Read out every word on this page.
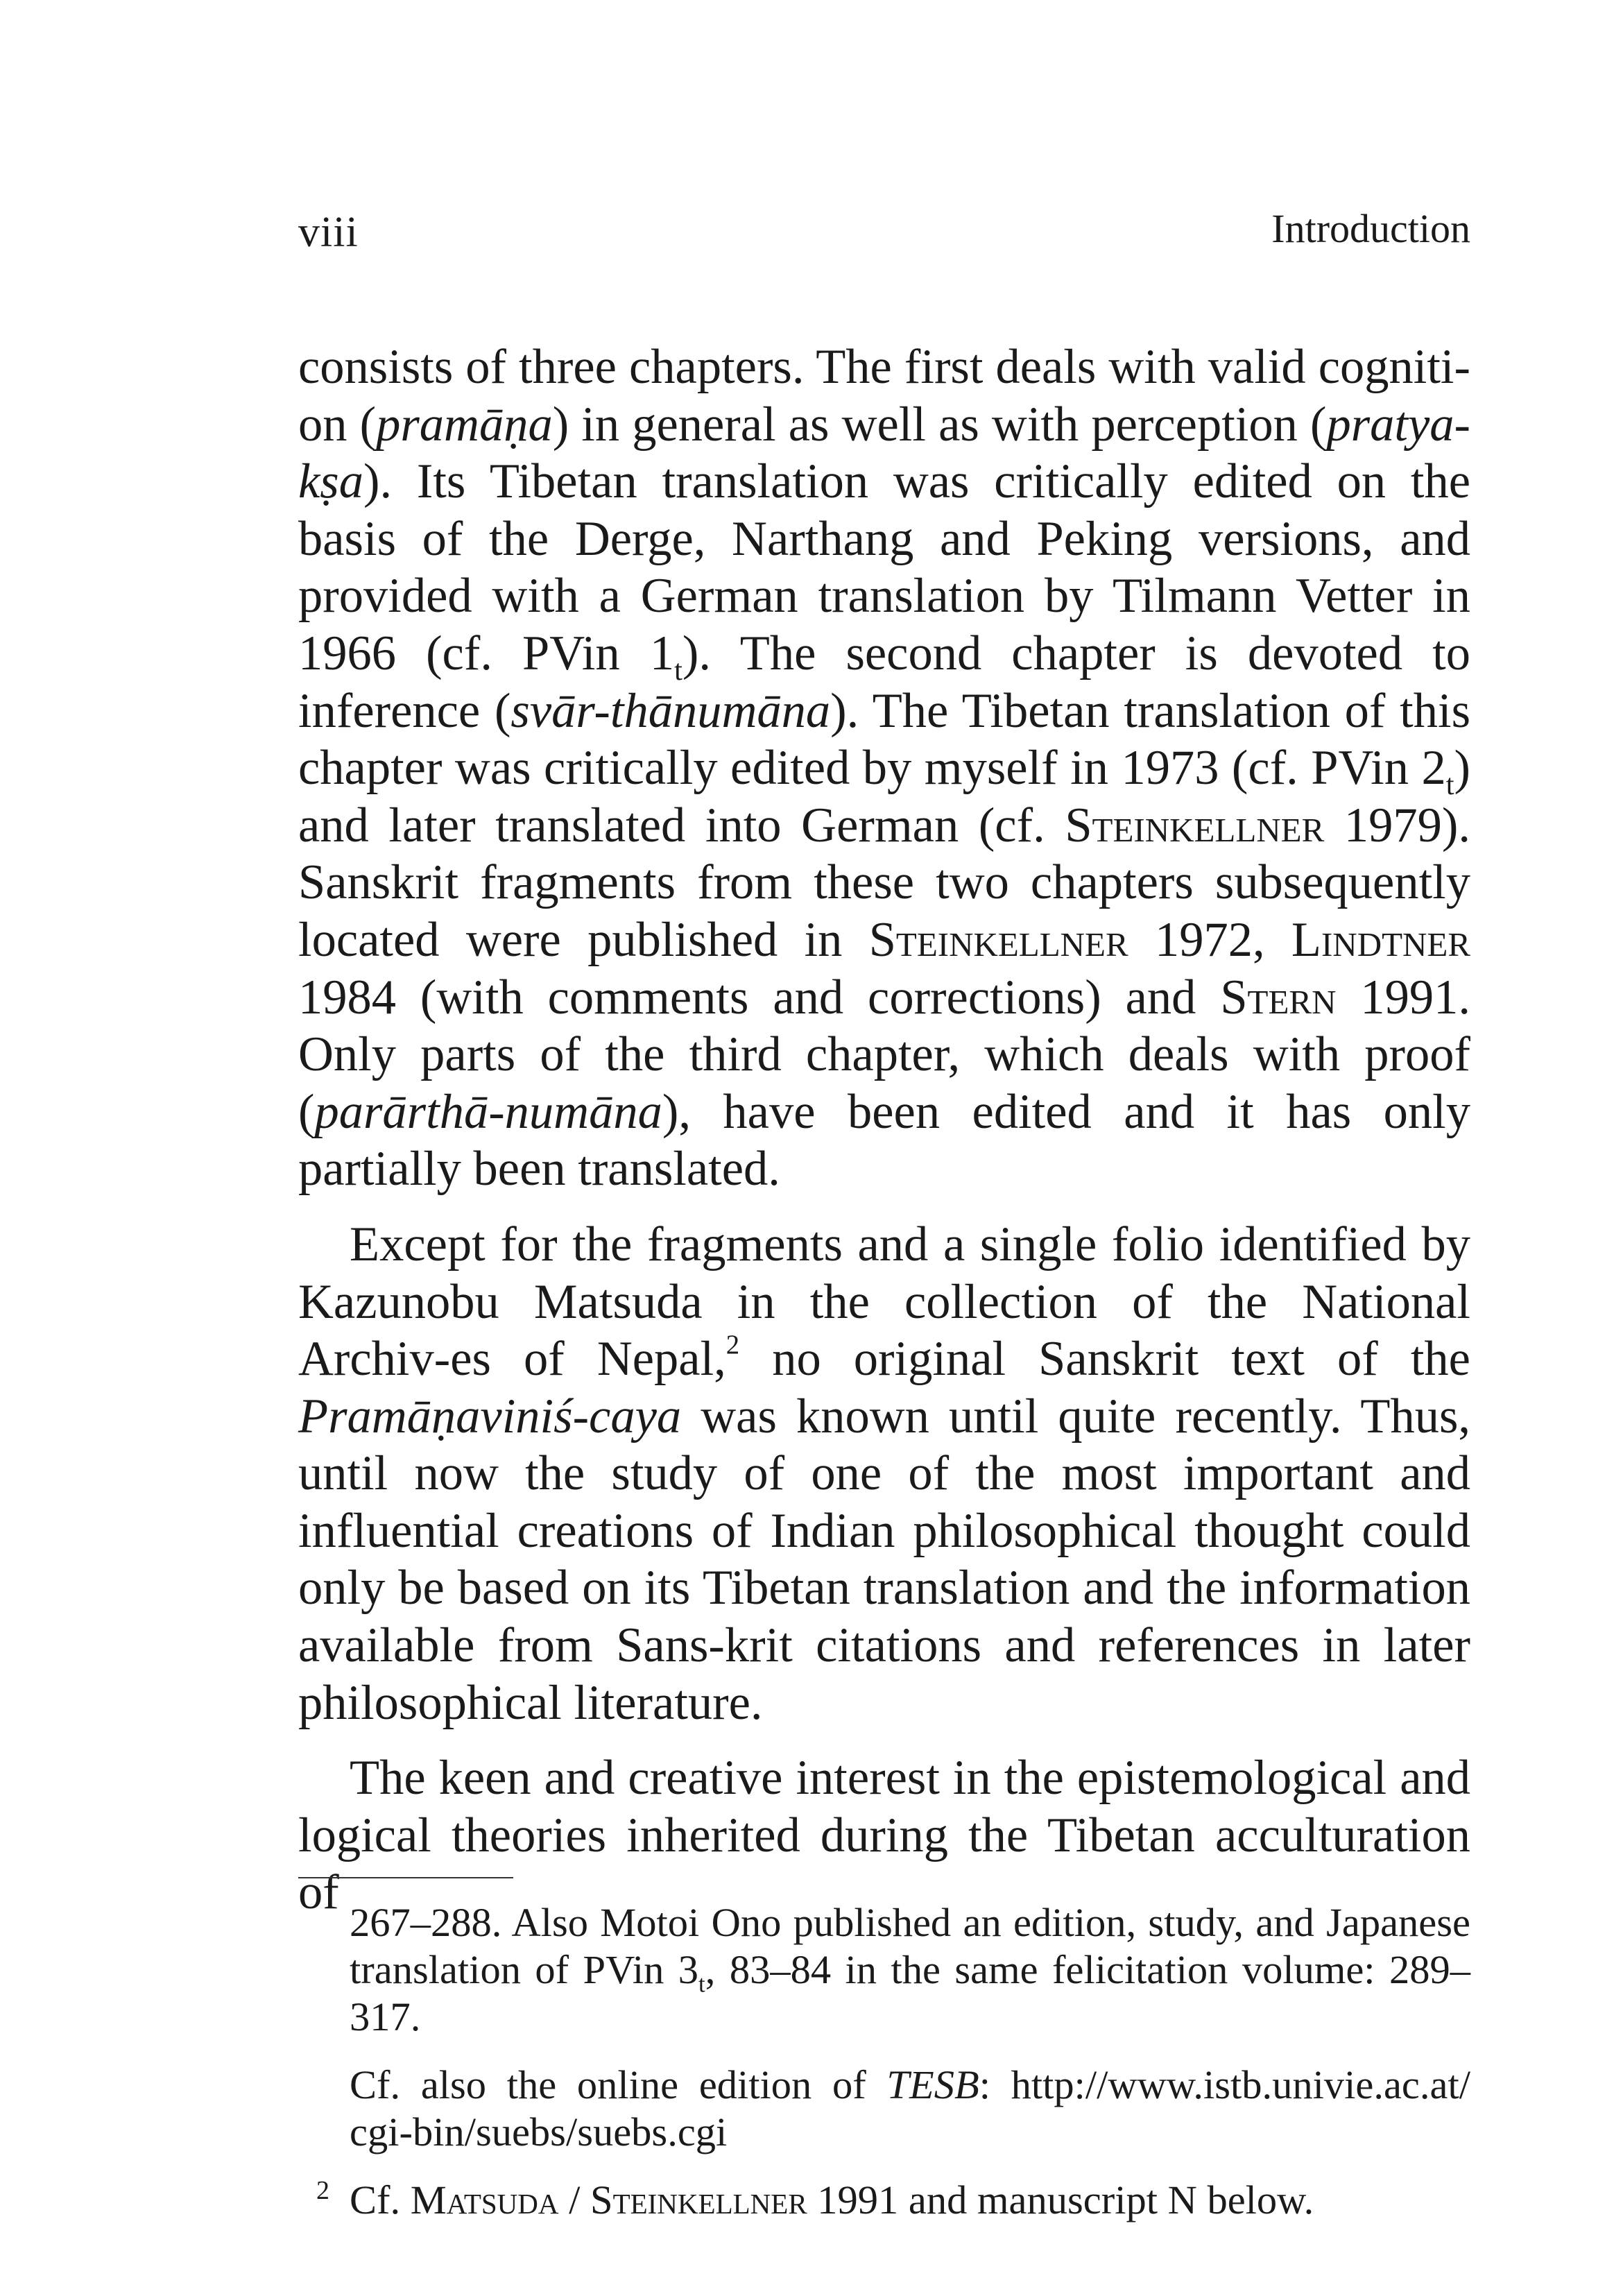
viii	Introduction

consists of three chapters. The first deals with valid cogniti-on (pramāṇa) in general as well as with perception (pratya-kṣa). Its Tibetan translation was critically edited on the basis of the Derge, Narthang and Peking versions, and provided with a German translation by Tilmann Vetter in 1966 (cf. PVin $1_t$). The second chapter is devoted to inference (svār-thānumāna). The Tibetan translation of this chapter was critically edited by myself in 1973 (cf. PVin $2_t$) and later translated into German (cf. Steinkellner 1979). Sanskrit fragments from these two chapters subsequently located were published in Steinkellner 1972, Lindtner 1984 (with comments and corrections) and Stern 1991. Only parts of the third chapter, which deals with proof (parārthā-numāna), have been edited and it has only partially been translated.

Except for the fragments and a single folio identified by Kazunobu Matsuda in the collection of the National Archiv-es of Nepal,$^2$ no original Sanskrit text of the Pramāṇaviniś-caya was known until quite recently. Thus, until now the study of one of the most important and influential creations of Indian philosophical thought could only be based on its Tibetan translation and the information available from Sans-krit citations and references in later philosophical literature.

The keen and creative interest in the epistemological and logical theories inherited during the Tibetan acculturation of

267–288. Also Motoi Ono published an edition, study, and Japanese translation of PVin $3_t$, 83–84 in the same felicitation volume: 289–317.

Cf. also the online edition of TESB: http://www.istb.univie.ac.at/ cgi-bin/suebs/suebs.cgi

2 Cf. Matsuda / Steinkellner 1991 and manuscript N below.
